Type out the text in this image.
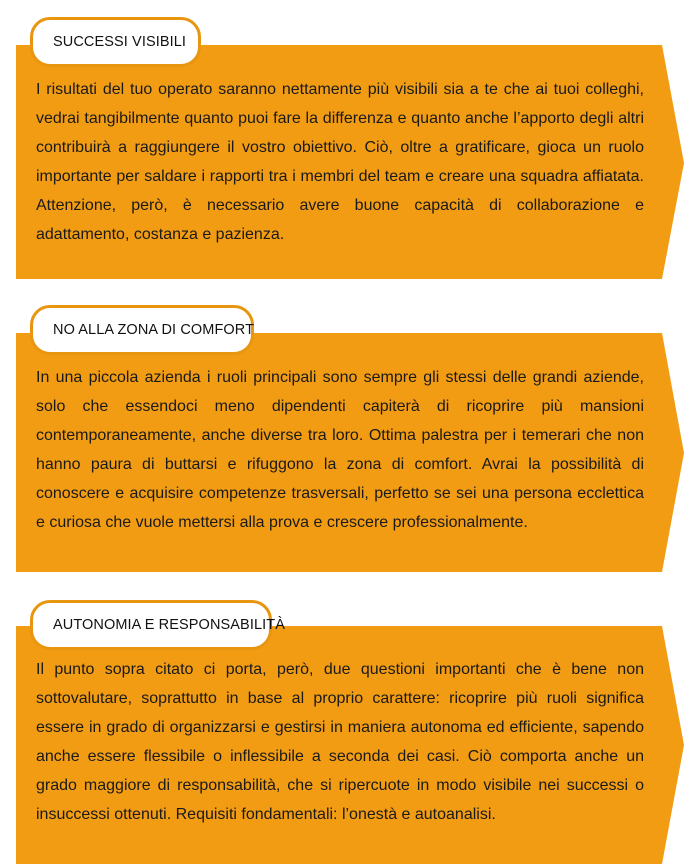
SUCCESSI VISIBILI

I risultati del tuo operato saranno nettamente più visibili sia a te che ai tuoi colleghi, vedrai tangibilmente quanto puoi fare la differenza e quanto anche l’apporto degli altri contribuirà a raggiungere il vostro obiettivo. Ciò, oltre a gratificare, gioca un ruolo importante per saldare i rapporti tra i membri del team e creare una squadra affiatata. Attenzione, però, è necessario avere buone capacità di collaborazione e adattamento, costanza e pazienza.

NO ALLA ZONA DI COMFORT

In una piccola azienda i ruoli principali sono sempre gli stessi delle grandi aziende, solo che essendoci meno dipendenti capiterà di ricoprire più mansioni contemporaneamente, anche diverse tra loro. Ottima palestra per i temerari che non hanno paura di buttarsi e rifuggono la zona di comfort. Avrai la possibilità di conoscere e acquisire competenze trasversali, perfetto se sei una persona ecclettica e curiosa che vuole mettersi alla prova e crescere professionalmente.

AUTONOMIA E RESPONSABILITÀ

Il punto sopra citato ci porta, però, due questioni importanti che è bene non sottovalutare, soprattutto in base al proprio carattere: ricoprire più ruoli significa essere in grado di organizzarsi e gestirsi in maniera autonoma ed efficiente, sapendo anche essere flessibile o inflessibile a seconda dei casi. Ciò comporta anche un grado maggiore di responsabilità, che si ripercuote in modo visibile nei successi o insuccessi ottenuti. Requisiti fondamentali: l’onestà e autoanalisi.
